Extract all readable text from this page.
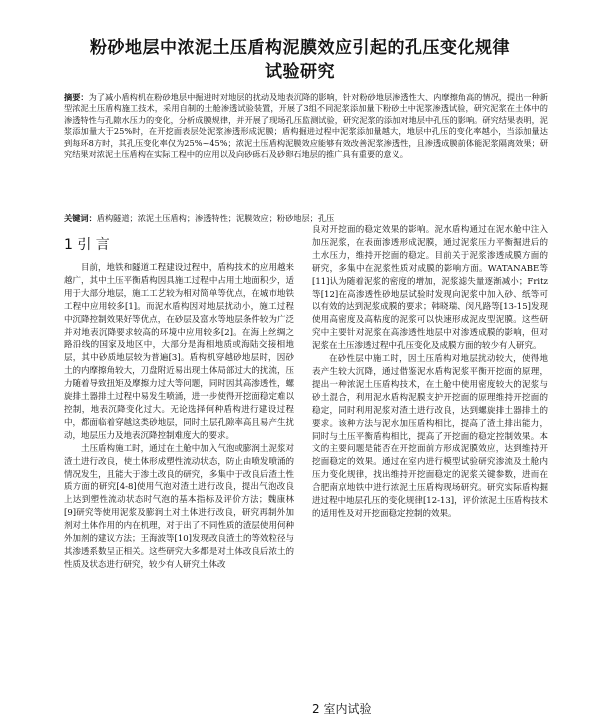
粉砂地层中浓泥土压盾构泥膜效应引起的孔压变化规律
试验研究
摘要：为了减小盾构机在粉砂地层中掘进时对地层的扰动及地表沉降的影响，针对粉砂地层渗透性大、内摩擦角高的情况，提出一种新型浓泥土压盾构施工技术，采用自制的土舱渗透试验装置，开展了3组不同泥浆添加量下粉砂土中泥浆渗透试验，研究泥浆在土体中的渗透特性与孔隙水压力的变化，分析成膜规律，并开展了现场孔压监测试验，研究泥浆的添加对地层中孔压的影响。研究结果表明，泥浆添加量大于25%时，在开挖面表层处泥浆渗透形成泥膜；盾构掘进过程中泥浆添加量越大，地层中孔压的变化率越小，当添加量达到每环8方时，其孔压变化率仅为25%~45%；浓泥土压盾构泥膜效应能够有效改善泥浆渗透性，且渗透成膜前体能泥浆隔离效果；研究结果对浓泥土压盾构在实际工程中的应用以及向砂砾石及砂卵石地层的推广具有重要的意义。
关键词：盾构隧道；浓泥土压盾构；渗透特性；泥膜效应；粉砂地层；孔压
1 引 言

目前，地铁和隧道工程建设过程中，盾构技术的应用越来越广，其中土压平衡盾构因具施工过程中占用土地面积少，适用于大部分地层，施工工艺较为相对简单等优点，在城市地铁工程中应用较多[1]。而泥水盾构因对地层扰动小，施工过程中沉降控制效果好等优点，在砂层及富水等地层条件较为广泛并对地表沉降要求较高的环境中应用较多[2]。在海上丝绸之路沿线的国家及地区中，大部分是海相地质或海陆交接相地层，其中砂质地层较为普遍[3]。盾构机穿越砂地层时，因砂土的内摩擦角较大，刀盘附近易出现土体局部过大的扰流，压力随着导致扭矩及摩擦力过大等问题，同时因其高渗透性，螺旋排土器排土过程中易发生喷涌，进一步使得开挖面稳定难以控制，地表沉降变化过大。无论选择何种盾构进行建设过程中，都面临着穿越这类砂地层，同时土层孔隙率高且易产生扰动，地层压力及地表沉降控制难度大的要求。

土压盾构施工时，通过在土舱中加入气泡或膨润土泥浆对渣土进行改良，使土体形成塑性流动状态，防止由喷发喷涌的情况发生，且能大于渗土改良的研究，多集中于改良后渣土性质方面的研究[4-8]使用气泡对渣土进行改良，提出气泡改良上达到塑性流动状态时气泡的基本指标及评价方法；魏康林[9]研究等使用泥浆及膨润土对土体进行改良，研究再制外加剂对土体作用的内在机理，对于出了不同性质的渣层使用何种外加剂的建议方法；王海波等[10]发现改良渣土的等效粒径与其渗透系数呈正相关。这些研究大多都是对土体改良后浓土的性质及状态进行研究，较少有人研究土体改

良对开挖面的稳定效果的影响。泥水盾构通过在泥水舱中注入加压泥浆，在表面渗透形成泥膜，通过泥浆压力平衡掘进后的土水压力，维持开挖面的稳定。目前关于泥浆渗透成膜方面的研究，多集中在泥浆性质对成膜的影响方面。WATANABE等[11]认为随着泥浆的密度的增加，泥浆滤失量逐渐减小；Fritz等[12]在高渗透性砂地层试验时发现向泥浆中加入砂、纸等可以有效的达到泥浆成膜的要求；韩晓瑞、闵凡路等[13-15]发现使用高密度及高粘度的泥浆可以快速形成泥皮型泥膜。这些研究中主要针对泥浆在高渗透性地层中对渗透成膜的影响，但对泥浆在土压渗透过程中孔压变化及成膜方面的较少有人研究。

在砂性层中施工时，因土压盾构对地层扰动较大，使得地表产生较大沉降，通过借鉴泥水盾构泥浆平衡开挖面的原理，提出一种浓泥土压盾构技术，在土舱中使用密度较大的泥浆与砂土混合，利用泥水盾构泥膜支护开挖面的原理维持开挖面的稳定，同时利用泥浆对渣土进行改良，达到螺旋排土器排土的要求。该种方法与泥水加压盾构相比，提高了渣土排出能力，同时与土压平衡盾构相比，提高了开挖面的稳定控制效果。本文的主要问题是能否在开挖面前方形成泥膜效应，达到维持开挖面稳定的效果。通过在室内进行模型试验研究渗流及土舱内压力变化规律，找出维持开挖面稳定的泥浆关键参数，进而在合肥南京地铁中进行浓泥土压盾构现场研究。研究实际盾构掘进过程中地层孔压的变化规律[12-13]，评价浓泥土压盾构技术的适用性及对开挖面稳定控制的效果。

2 室内试验
